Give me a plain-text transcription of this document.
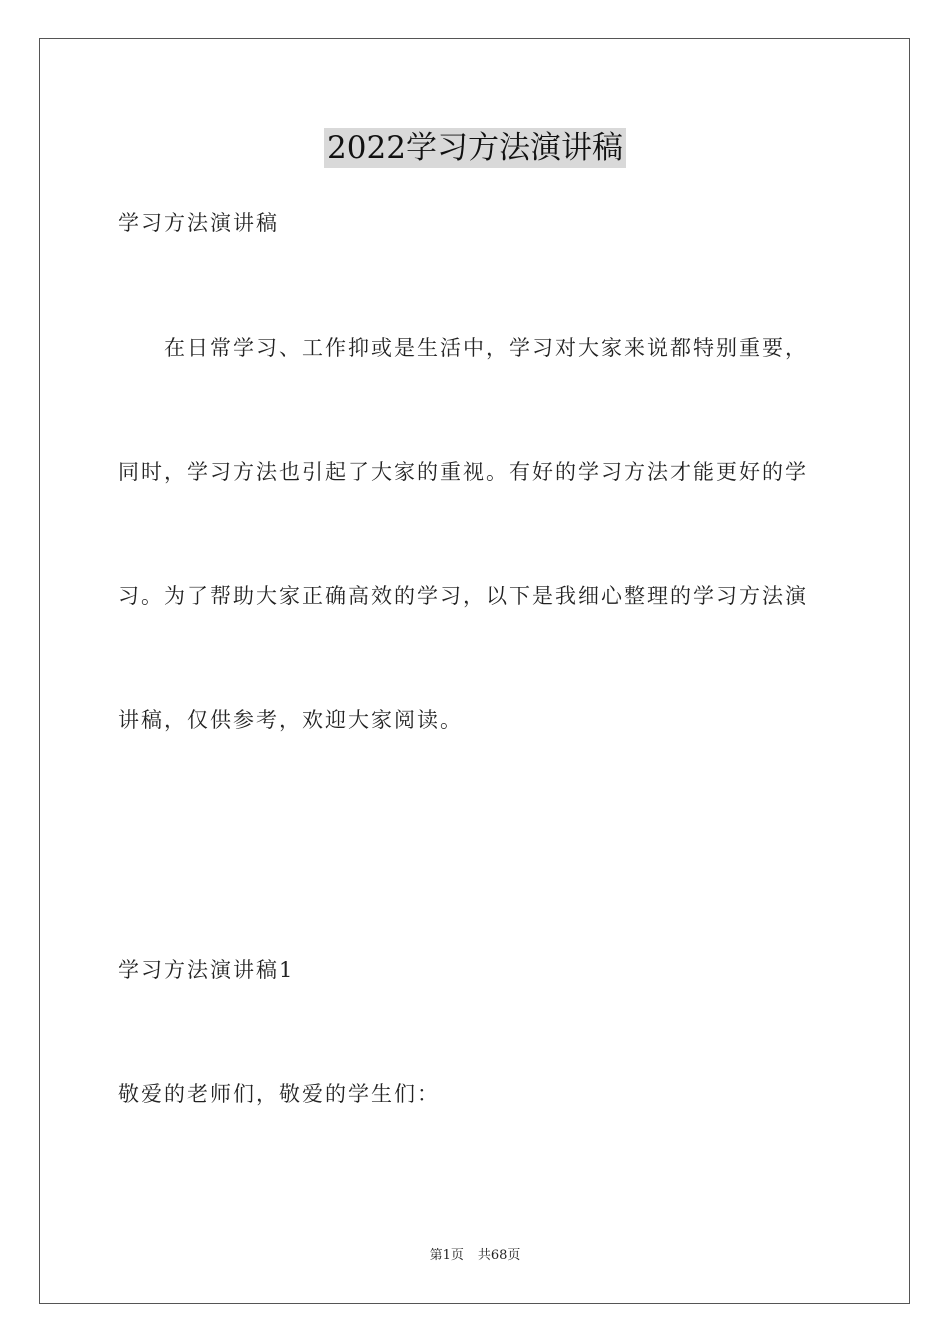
2022学习方法演讲稿

学习方法演讲稿

在日常学习、工作抑或是生活中，学习对大家来说都特别重要，

同时，学习方法也引起了大家的重视。有好的学习方法才能更好的学

习。为了帮助大家正确高效的学习，以下是我细心整理的学习方法演

讲稿，仅供参考，欢迎大家阅读。

学习方法演讲稿1

敬爱的老师们，敬爱的学生们：

第1页 共68页
